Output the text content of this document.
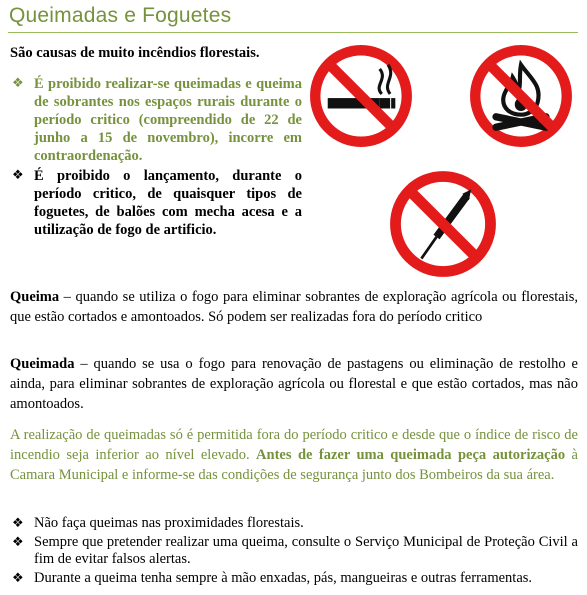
Queimadas e Foguetes

São causas de muito incêndios florestais.

❖ É proibido realizar-se queimadas e queima de sobrantes nos espaços rurais durante o período critico (compreendido de 22 de junho a 15 de novembro), incorre em contraordenação.
❖ É proibido o lançamento, durante o período critico, de quaisquer tipos de foguetes, de balões com mecha acesa e a utilização de fogo de artificio.

Queima – quando se utiliza o fogo para eliminar sobrantes de exploração agrícola ou florestais, que estão cortados e amontoados. Só podem ser realizadas fora do período critico

Queimada – quando se usa o fogo para renovação de pastagens ou eliminação de restolho e ainda, para eliminar sobrantes de exploração agrícola ou florestal e que estão cortados, mas não amontoados.

A realização de queimadas só é permitida fora do período critico e desde que o índice de risco de incendio seja inferior ao nível elevado. Antes de fazer uma queimada peça autorização à Camara Municipal e informe-se das condições de segurança junto dos Bombeiros da sua área.

❖ Não faça queimas nas proximidades florestais.
❖ Sempre que pretender realizar uma queima, consulte o Serviço Municipal de Proteção Civil a fim de evitar falsos alertas.
❖ Durante a queima tenha sempre à mão enxadas, pás, mangueiras e outras ferramentas.
